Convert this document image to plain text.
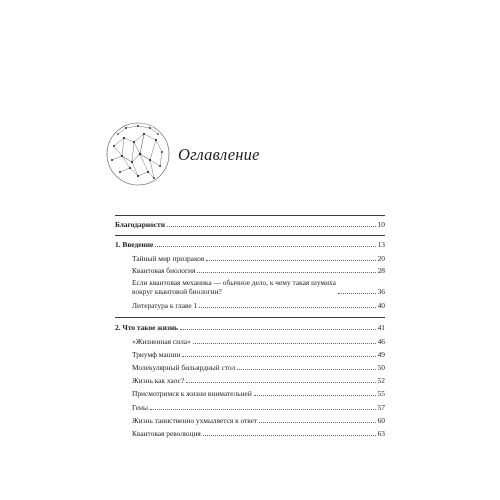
Оглавление
Благодарности	10
1. Введение	13
Тайный мир призраков	20
Квантовая биология	28
Если квантовая механика — обычное дело, к чему такая шумиха
вокруг квантовой биологии?	36
Литература к главе 1	40
2. Что такое жизнь	41
«Жизненная сила»	46
Триумф машин	49
Молекулярный бильярдный стол	50
Жизнь как хаос?	52
Присмотримся к жизни внимательней	55
Гены	57
Жизнь таинственно ухмыляется в ответ	60
Квантовая революция	63
